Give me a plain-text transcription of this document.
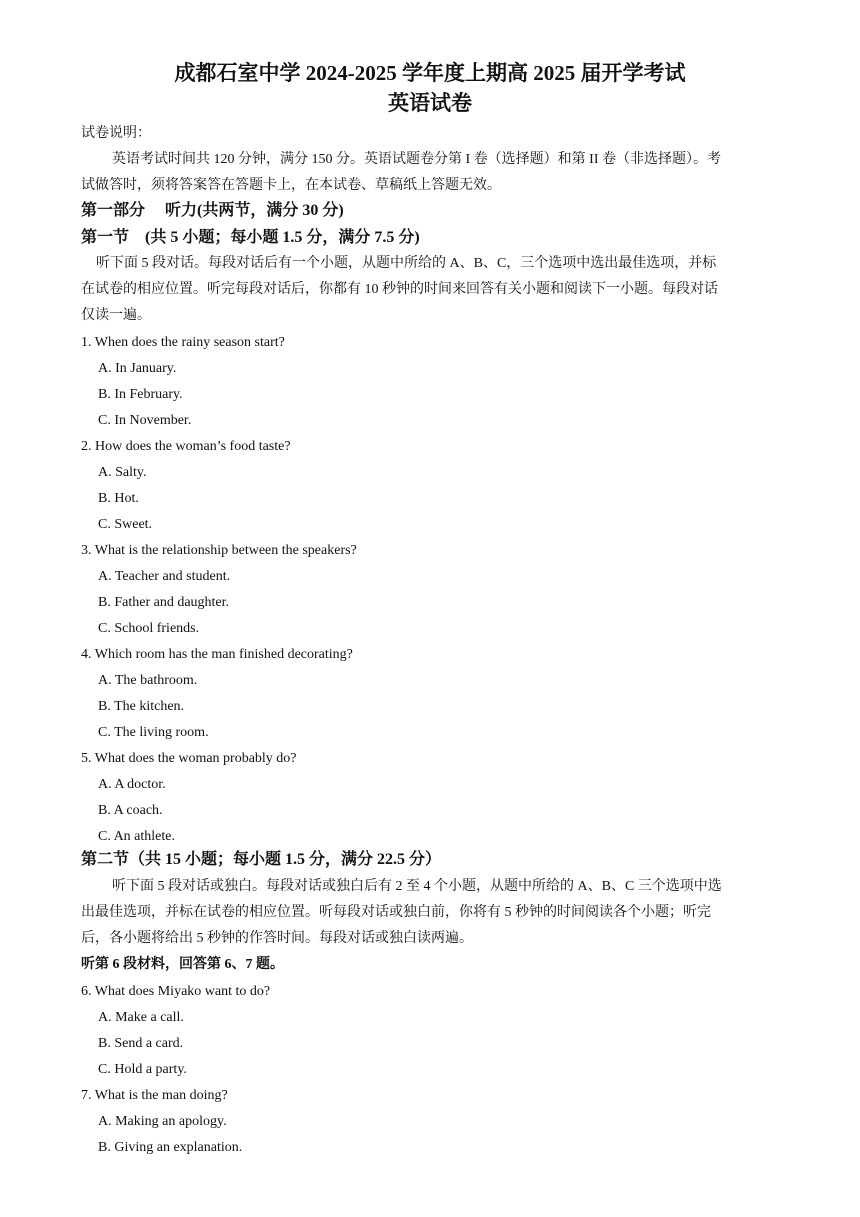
成都石室中学 2024-2025 学年度上期高 2025 届开学考试
英语试卷

试卷说明：

英语考试时间共 120 分钟，满分 150 分。英语试题卷分第 I 卷（选择题）和第 II 卷（非选择题）。考

试做答时，须将答案答在答题卡上，在本试卷、草稿纸上答题无效。

第一部分　 听力(共两节，满分 30 分)

第一节　(共 5 小题；每小题 1.5 分，满分 7.5 分)

听下面 5 段对话。每段对话后有一个小题，从题中所给的 A、B、C，三个选项中选出最佳选项，并标

在试卷的相应位置。听完每段对话后，你都有 10 秒钟的时间来回答有关小题和阅读下一小题。每段对话

仅读一遍。

1. When does the rainy season start?

A. In January.

B. In February.

C. In November.

2. How does the woman’s food taste?

A. Salty.

B. Hot.

C. Sweet.

3. What is the relationship between the speakers?

A. Teacher and student.

B. Father and daughter.

C. School friends.

4. Which room has the man finished decorating?

A. The bathroom.

B. The kitchen.

C. The living room.

5. What does the woman probably do?

A. A doctor.

B. A coach.

C. An athlete.

第二节（共 15 小题；每小题 1.5 分，满分 22.5 分）

听下面 5 段对话或独白。每段对话或独白后有 2 至 4 个小题，从题中所给的 A、B、C 三个选项中选

出最佳选项，并标在试卷的相应位置。听每段对话或独白前，你将有 5 秒钟的时间阅读各个小题；听完

后，各小题将给出 5 秒钟的作答时间。每段对话或独白读两遍。

听第 6 段材料，回答第 6、7 题。

6. What does Miyako want to do?

A. Make a call.

B. Send a card.

C. Hold a party.

7. What is the man doing?

A. Making an apology.

B. Giving an explanation.
